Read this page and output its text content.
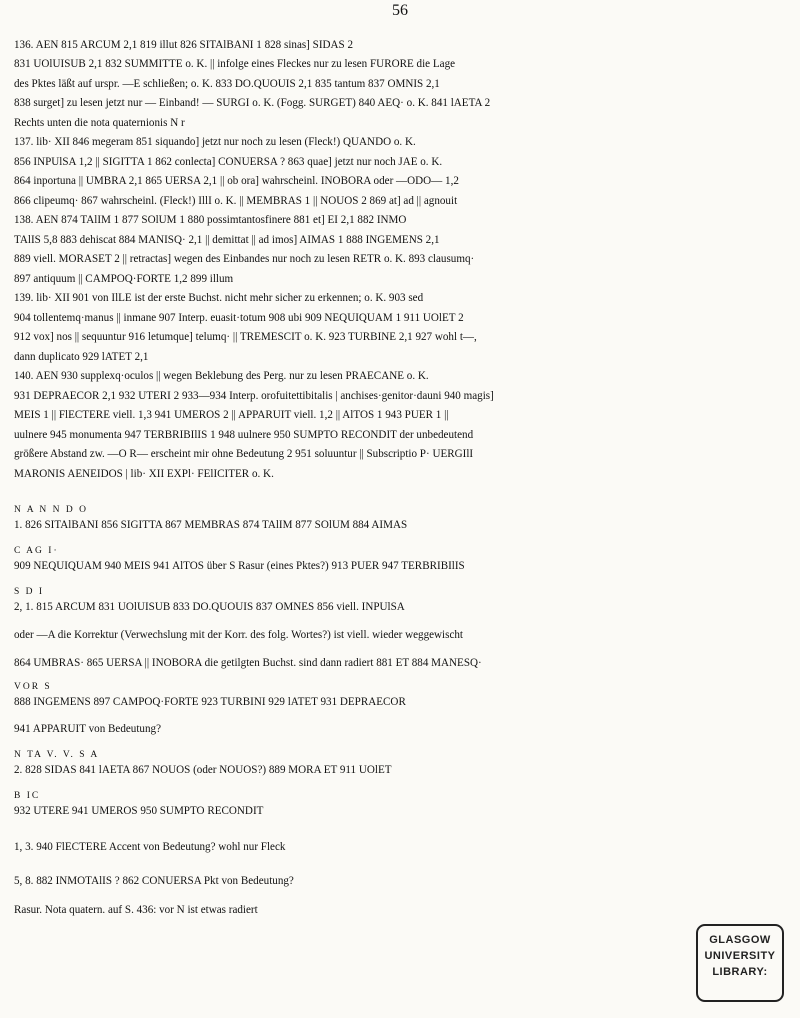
56
136. AEN 815 ARCUM 2,1 819 illut 826 SITAlBANI 1 828 sinas] SIDAS 2
831 UOlUISUB 2,1 832 SUMMITTE o. K. || infolge eines Fleckes nur zu lesen FURORE die Lage
des Pktes läßt auf urspr. —E schließen; o. K. 833 DO.QUOUIS 2,1 835 tantum 837 OMNIS 2,1
838 surget] zu lesen jetzt nur — Einband! — SURGI o. K. (Fogg. SURGET) 840 AEQ· o. K. 841 lAETA 2
Rechts unten die nota quaternionis N r
137. lib· XII 846 megeram 851 siquando] jetzt nur noch zu lesen (Fleck!) QUANDO o. K.
856 INPUlSA 1,2 || SIGITTA 1 862 conlecta] CONUERSA ? 863 quae] jetzt nur noch JAE o. K.
864 inportuna || UMBRA 2,1 865 UERSA 2,1 || ob ora] wahrscheinl. INOBORA oder —ODO— 1,2
866 clipeumq· 867 wahrscheinl. (Fleck!) IllI o. K. || MEMBRAS 1 || NOUOS 2 869 at] ad || agnouit
138. AEN 874 TAlIM 1 877 SOlUM 1 880 possimtantosfinere 881 et] EI 2,1 882 INMO
TAlIS 5,8 883 dehiscat 884 MANISQ· 2,1 || demittat || ad imos] AIMAS 1 888 INGEMENS 2,1
889 viell. MORASET 2 || retractas] wegen des Einbandes nur noch zu lesen RETR o. K. 893 clausumq·
897 antiquum || CAMPOQ·FORTE 1,2 899 illum
139. lib· XII 901 von IlLE ist der erste Buchst. nicht mehr sicher zu erkennen; o. K. 903 sed
904 tollentemq·manus || inmane 907 Interp. euasit·totum 908 ubi 909 NEQUIQUAM 1 911 UOlET 2
912 vox] nos || sequuntur 916 letumque] telumq· || TREMESCIT o. K. 923 TURBINE 2,1 927 wohl t—,
dann duplicato 929 lATET 2,1
140. AEN 930 supplexq·oculos || wegen Beklebung des Perg. nur zu lesen PRAECANE o. K.
931 DEPRAECOR 2,1 932 UTERI 2 933—934 Interp. orofuitettibitalis | anchises·genitor·dauni 940 magis]
MEIS 1 || FlECTERE viell. 1,3 941 UMEROS 2 || APPARUIT viell. 1,2 || AlTOS 1 943 PUER 1 ||
uulnere 945 monumenta 947 TERBRIBIlIS 1 948 uulnere 950 SUMPTO RECONDIT der unbedeutend
größere Abstand zw. —O R— erscheint mir ohne Bedeutung 2 951 soluuntur || Subscriptio P· UERGIlI
MARONIS AENEIDOS | lib· XII EXPl· FElICITER o. K.
N A N N D O
1. 826 SITAlBANI 856 SIGITTA 867 MEMBRAS 874 TAlIM 877 SOlUM 884 AIMAS
C AG I·
909 NEQUIQUAM 940 MEIS 941 AlTOS über S Rasur (eines Pktes?) 913 PUER 947 TERBRIBIlIS
S D I
2, 1. 815 ARCUM 831 UOlUISUB 833 DO.QUOUIS 837 OMNES 856 viell. INPUlSA
oder —A die Korrektur (Verwechslung mit der Korr. des folg. Wortes?) ist viell. wieder weggewischt
864 UMBRAS· 865 UERSA || INOBORA die getilgten Buchst. sind dann radiert 881 ET 884 MANESQ·
VOR S
888 INGEMENS 897 CAMPOQ·FORTE 923 TURBINI 929 lATET 931 DEPRAECOR
941 APPARUIT von Bedeutung?
N TA V. V. S A
2. 828 SIDAS 841 lAETA 867 NOUOS (oder NOUOS?) 889 MORA ET 911 UOlET
B IC
932 UTERE 941 UMEROS 950 SUMPTO RECONDIT
1, 3. 940 FlECTERE Accent von Bedeutung? wohl nur Fleck
5, 8. 882 INMOTAlIS ? 862 CONUERSA Pkt von Bedeutung?
Rasur. Nota quatern. auf S. 436: vor N ist etwas radiert
GLASGOW
UNIVERSITY
LIBRARY:
